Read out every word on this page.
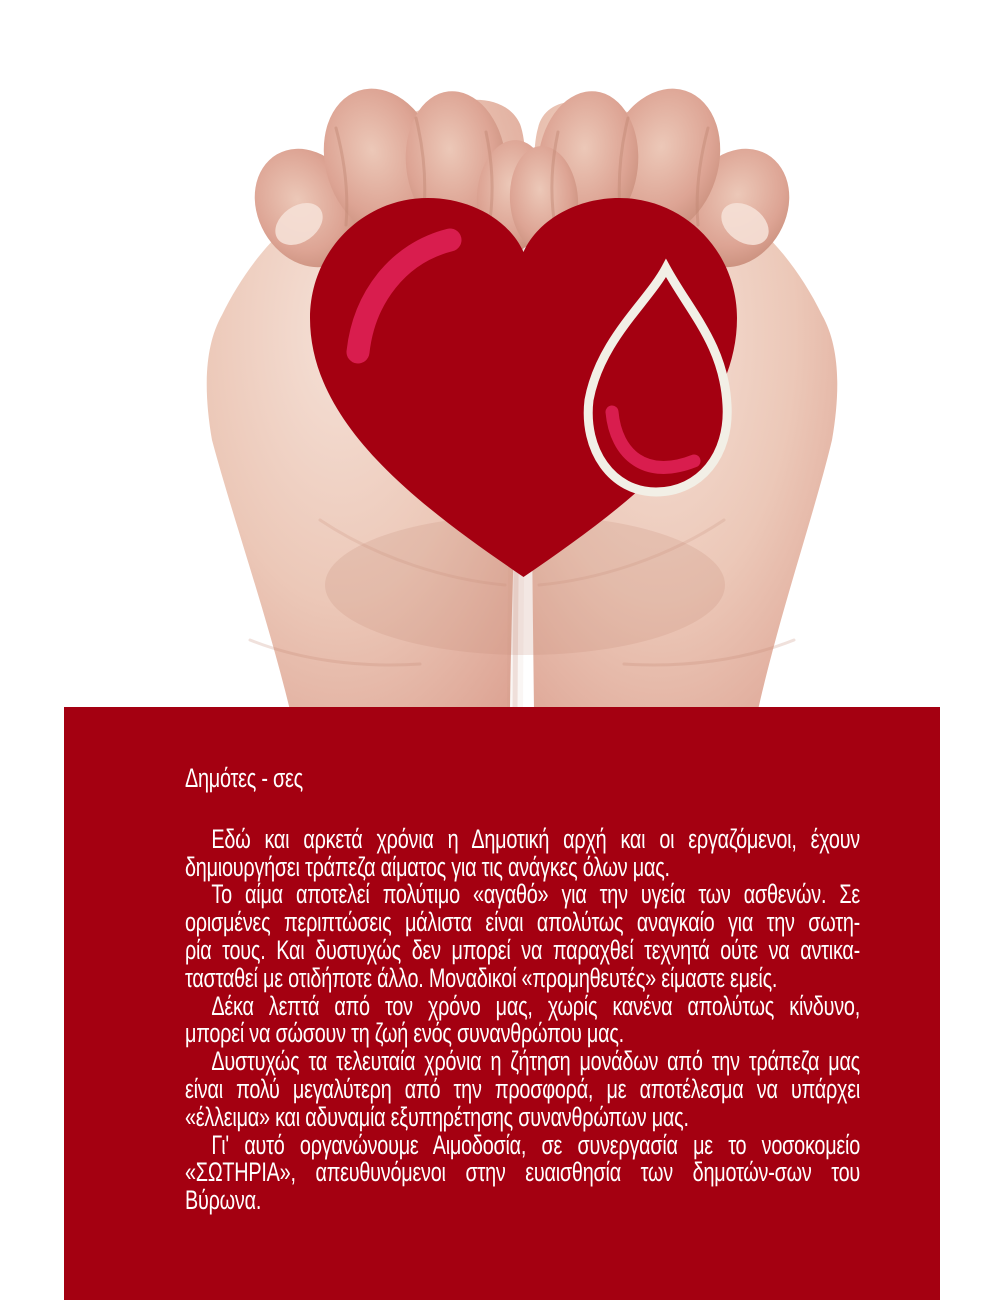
Δημότες - σες
Εδώ και αρκετά χρόνια η Δημοτική αρχή και οι εργαζόμενοι, έχουν
δημιουργήσει τράπεζα αίματος για τις ανάγκες όλων μας.
Το αίμα αποτελεί πολύτιμο «αγαθό» για την υγεία των ασθενών. Σε
ορισμένες περιπτώσεις μάλιστα είναι απολύτως αναγκαίο για την σωτη-
ρία τους. Και δυστυχώς δεν μπορεί να παραχθεί τεχνητά ούτε να αντικα-
τασταθεί με οτιδήποτε άλλο. Μοναδικοί «προμηθευτές» είμαστε εμείς.
Δέκα λεπτά από τον χρόνο μας, χωρίς κανένα απολύτως κίνδυνο,
μπορεί να σώσουν τη ζωή ενός συνανθρώπου μας.
Δυστυχώς τα τελευταία χρόνια η ζήτηση μονάδων από την τράπεζα μας
είναι πολύ μεγαλύτερη από την προσφορά, με αποτέλεσμα να υπάρχει
«έλλειμα» και αδυναμία εξυπηρέτησης συνανθρώπων μας.
Γι' αυτό οργανώνουμε Αιμοδοσία, σε συνεργασία με το νοσοκομείο
«ΣΩΤΗΡΙΑ», απευθυνόμενοι στην ευαισθησία των δημοτών-σων του
Βύρωνα.
